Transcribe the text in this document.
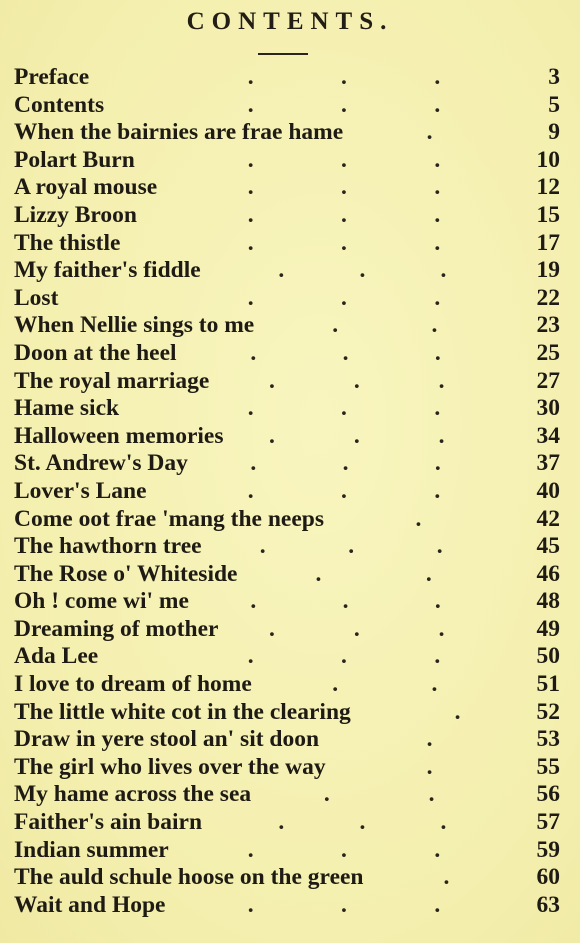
CONTENTS.
Preface	.	.	.	3
Contents	.	.	.	5
When the bairnies are frae hame	.	9
Polart Burn	.	.	.	10
A royal mouse	.	.	.	12
Lizzy Broon	.	.	.	15
The thistle	.	.	.	17
My faither's fiddle	.	.	.	19
Lost	.	.	.	22
When Nellie sings to me	.	.	23
Doon at the heel	.	.	.	25
The royal marriage	.	.	.	27
Hame sick	.	.	.	30
Halloween memories .	.	.	34
St. Andrew's Day	.	.	.	37
Lover's Lane	.	.	.	40
Come oot frae 'mang the neeps	.	42
The hawthorn tree .	.	.	45
The Rose o' Whiteside	.	.	46
Oh ! come wi' me	.	.	.	48
Dreaming of mother .	.	.	49
Ada Lee	.	.	.	50
I love to dream of home	.	.	51
The little white cot in the clearing	.	52
Draw in yere stool an' sit doon	.	53
The girl who lives over the way	.	55
My hame across the sea	.	.	56
Faither's ain bairn	.	.	.	57
Indian summer	.	.	.	59
The auld schule hoose on the green	.	60
Wait and Hope	.	.	.	63
